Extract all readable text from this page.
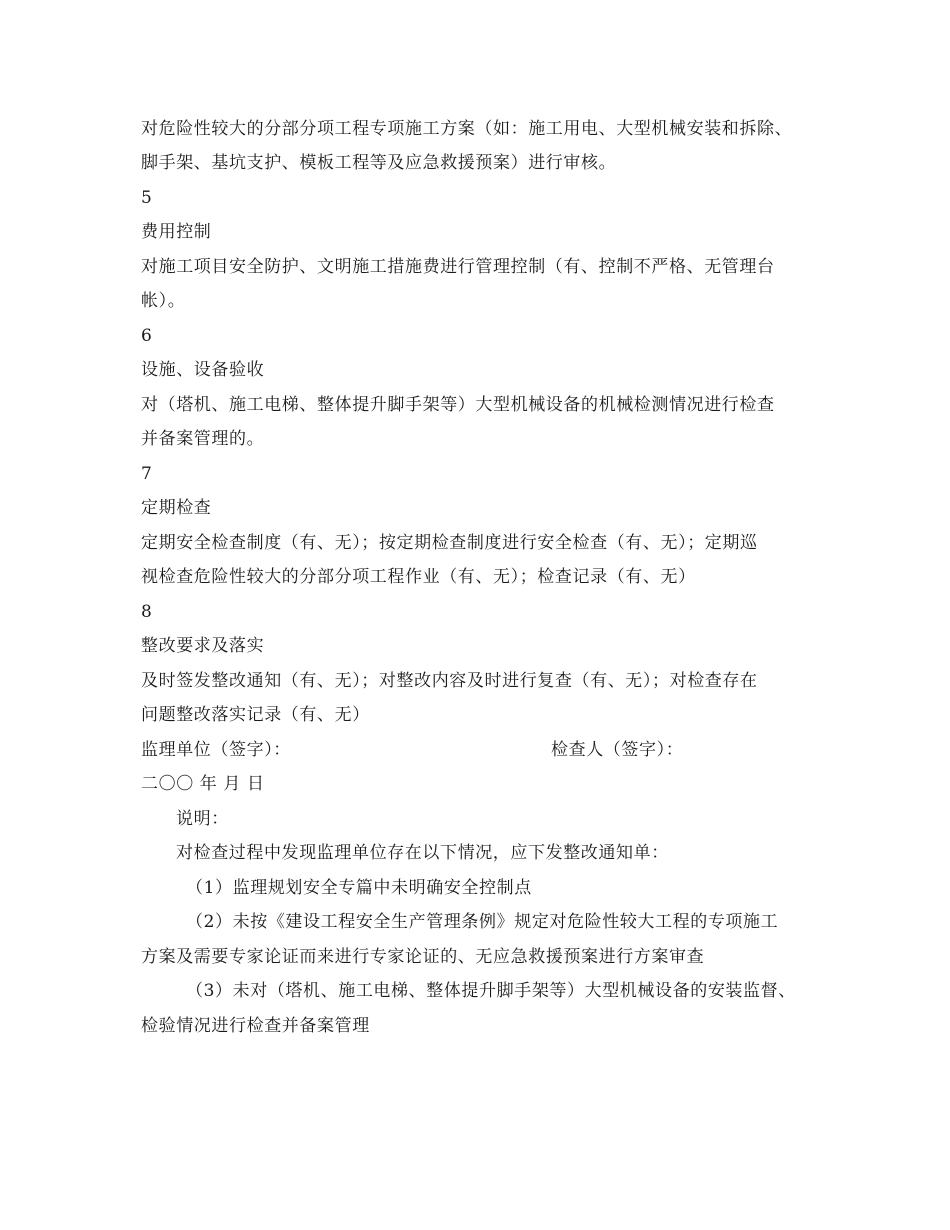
对危险性较大的分部分项工程专项施工方案（如：施工用电、大型机械安装和拆除、
脚手架、基坑支护、模板工程等及应急救援预案）进行审核。
5
费用控制
对施工项目安全防护、文明施工措施费进行管理控制（有、控制不严格、无管理台
帐）。
6
设施、设备验收
对（塔机、施工电梯、整体提升脚手架等）大型机械设备的机械检测情况进行检查
并备案管理的。
7
定期检查
定期安全检查制度（有、无）；按定期检查制度进行安全检查（有、无）；定期巡
视检查危险性较大的分部分项工程作业（有、无）；检查记录（有、无）
8
整改要求及落实
及时签发整改通知（有、无）；对整改内容及时进行复查（有、无）；对检查存在
问题整改落实记录（有、无）
监理单位（签字）：	检查人（签字）：
二〇〇 年 月 日
说明：
对检查过程中发现监理单位存在以下情况，应下发整改通知单：
（1）监理规划安全专篇中未明确安全控制点
（2）未按《建设工程安全生产管理条例》规定对危险性较大工程的专项施工
方案及需要专家论证而来进行专家论证的、无应急救援预案进行方案审查
（3）未对（塔机、施工电梯、整体提升脚手架等）大型机械设备的安装监督、
检验情况进行检查并备案管理
